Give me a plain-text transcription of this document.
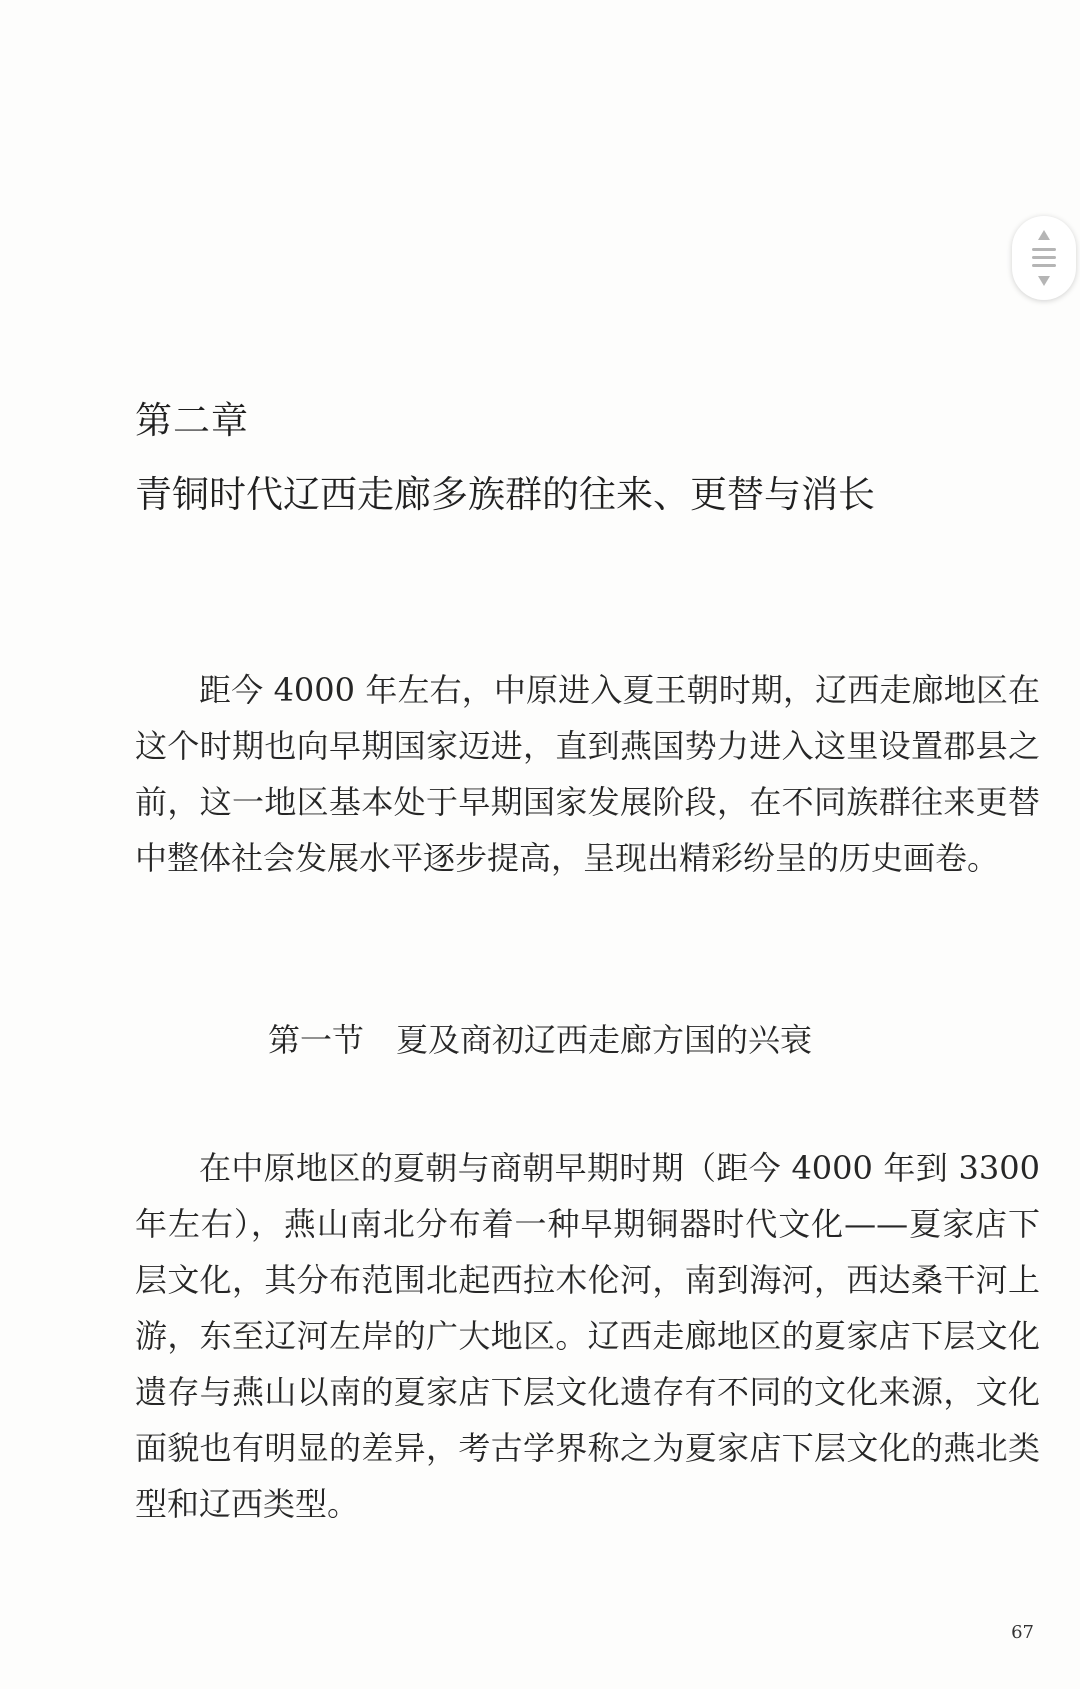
第二章
青铜时代辽西走廊多族群的往来、更替与消长

距今 4000 年左右，中原进入夏王朝时期，辽西走廊地区在这个时期也向早期国家迈进，直到燕国势力进入这里设置郡县之前，这一地区基本处于早期国家发展阶段，在不同族群往来更替中整体社会发展水平逐步提高，呈现出精彩纷呈的历史画卷。

第一节 夏及商初辽西走廊方国的兴衰

在中原地区的夏朝与商朝早期时期（距今 4000 年到 3300 年左右），燕山南北分布着一种早期铜器时代文化——夏家店下层文化，其分布范围北起西拉木伦河，南到海河，西达桑干河上游，东至辽河左岸的广大地区。辽西走廊地区的夏家店下层文化遗存与燕山以南的夏家店下层文化遗存有不同的文化来源，文化面貌也有明显的差异，考古学界称之为夏家店下层文化的燕北类型和辽西类型。

67
